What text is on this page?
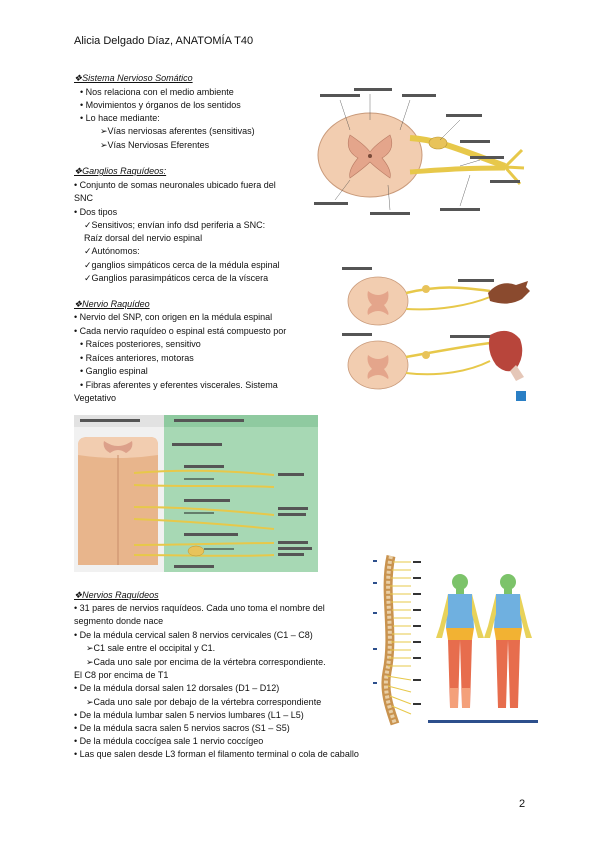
Alicia Delgado Díaz, ANATOMÍA T40
❖Sistema Nervioso Somático
• Nos relaciona con el medio ambiente
• Movimientos y órganos de los sentidos
• Lo hace mediante:
➢Vías nerviosas aferentes (sensitivas)
➢Vías Nerviosas Eferentes
❖Ganglios Raquídeos:
• Conjunto de somas neuronales ubicado fuera del
SNC
• Dos tipos
✓Sensitivos; envían info dsd periferia a SNC:
Raíz dorsal del nervio espinal
✓Autónomos:
✓ganglios simpáticos cerca de la médula espinal
✓Ganglios parasimpáticos cerca de la víscera
❖Nervio Raquídeo
• Nervio del SNP, con origen en la médula espinal
• Cada nervio raquídeo o espinal está compuesto por
• Raíces posteriores, sensitivo
• Raíces anteriores, motoras
• Ganglio espinal
• Fibras aferentes y eferentes viscerales. Sistema
Vegetativo
❖Nervios Raquídeos
• 31 pares de nervios raquídeos. Cada uno toma el nombre del
segmento donde nace
• De la médula cervical salen 8 nervios cervicales (C1 – C8)
➢C1 sale entre el occipital y C1.
➢Cada uno sale por encima de la vértebra correspondiente.
El C8 por encima de T1
• De la médula dorsal salen 12 dorsales (D1 – D12)
➢Cada uno sale por debajo de la vértebra correspondiente
• De la médula lumbar salen 5 nervios lumbares (L1 – L5)
• De la médula sacra salen 5 nervios sacros (S1 – S5)
• De la médula coccígea sale 1 nervio coccígeo
• Las que salen desde L3 forman el filamento terminal o cola de caballo
2
